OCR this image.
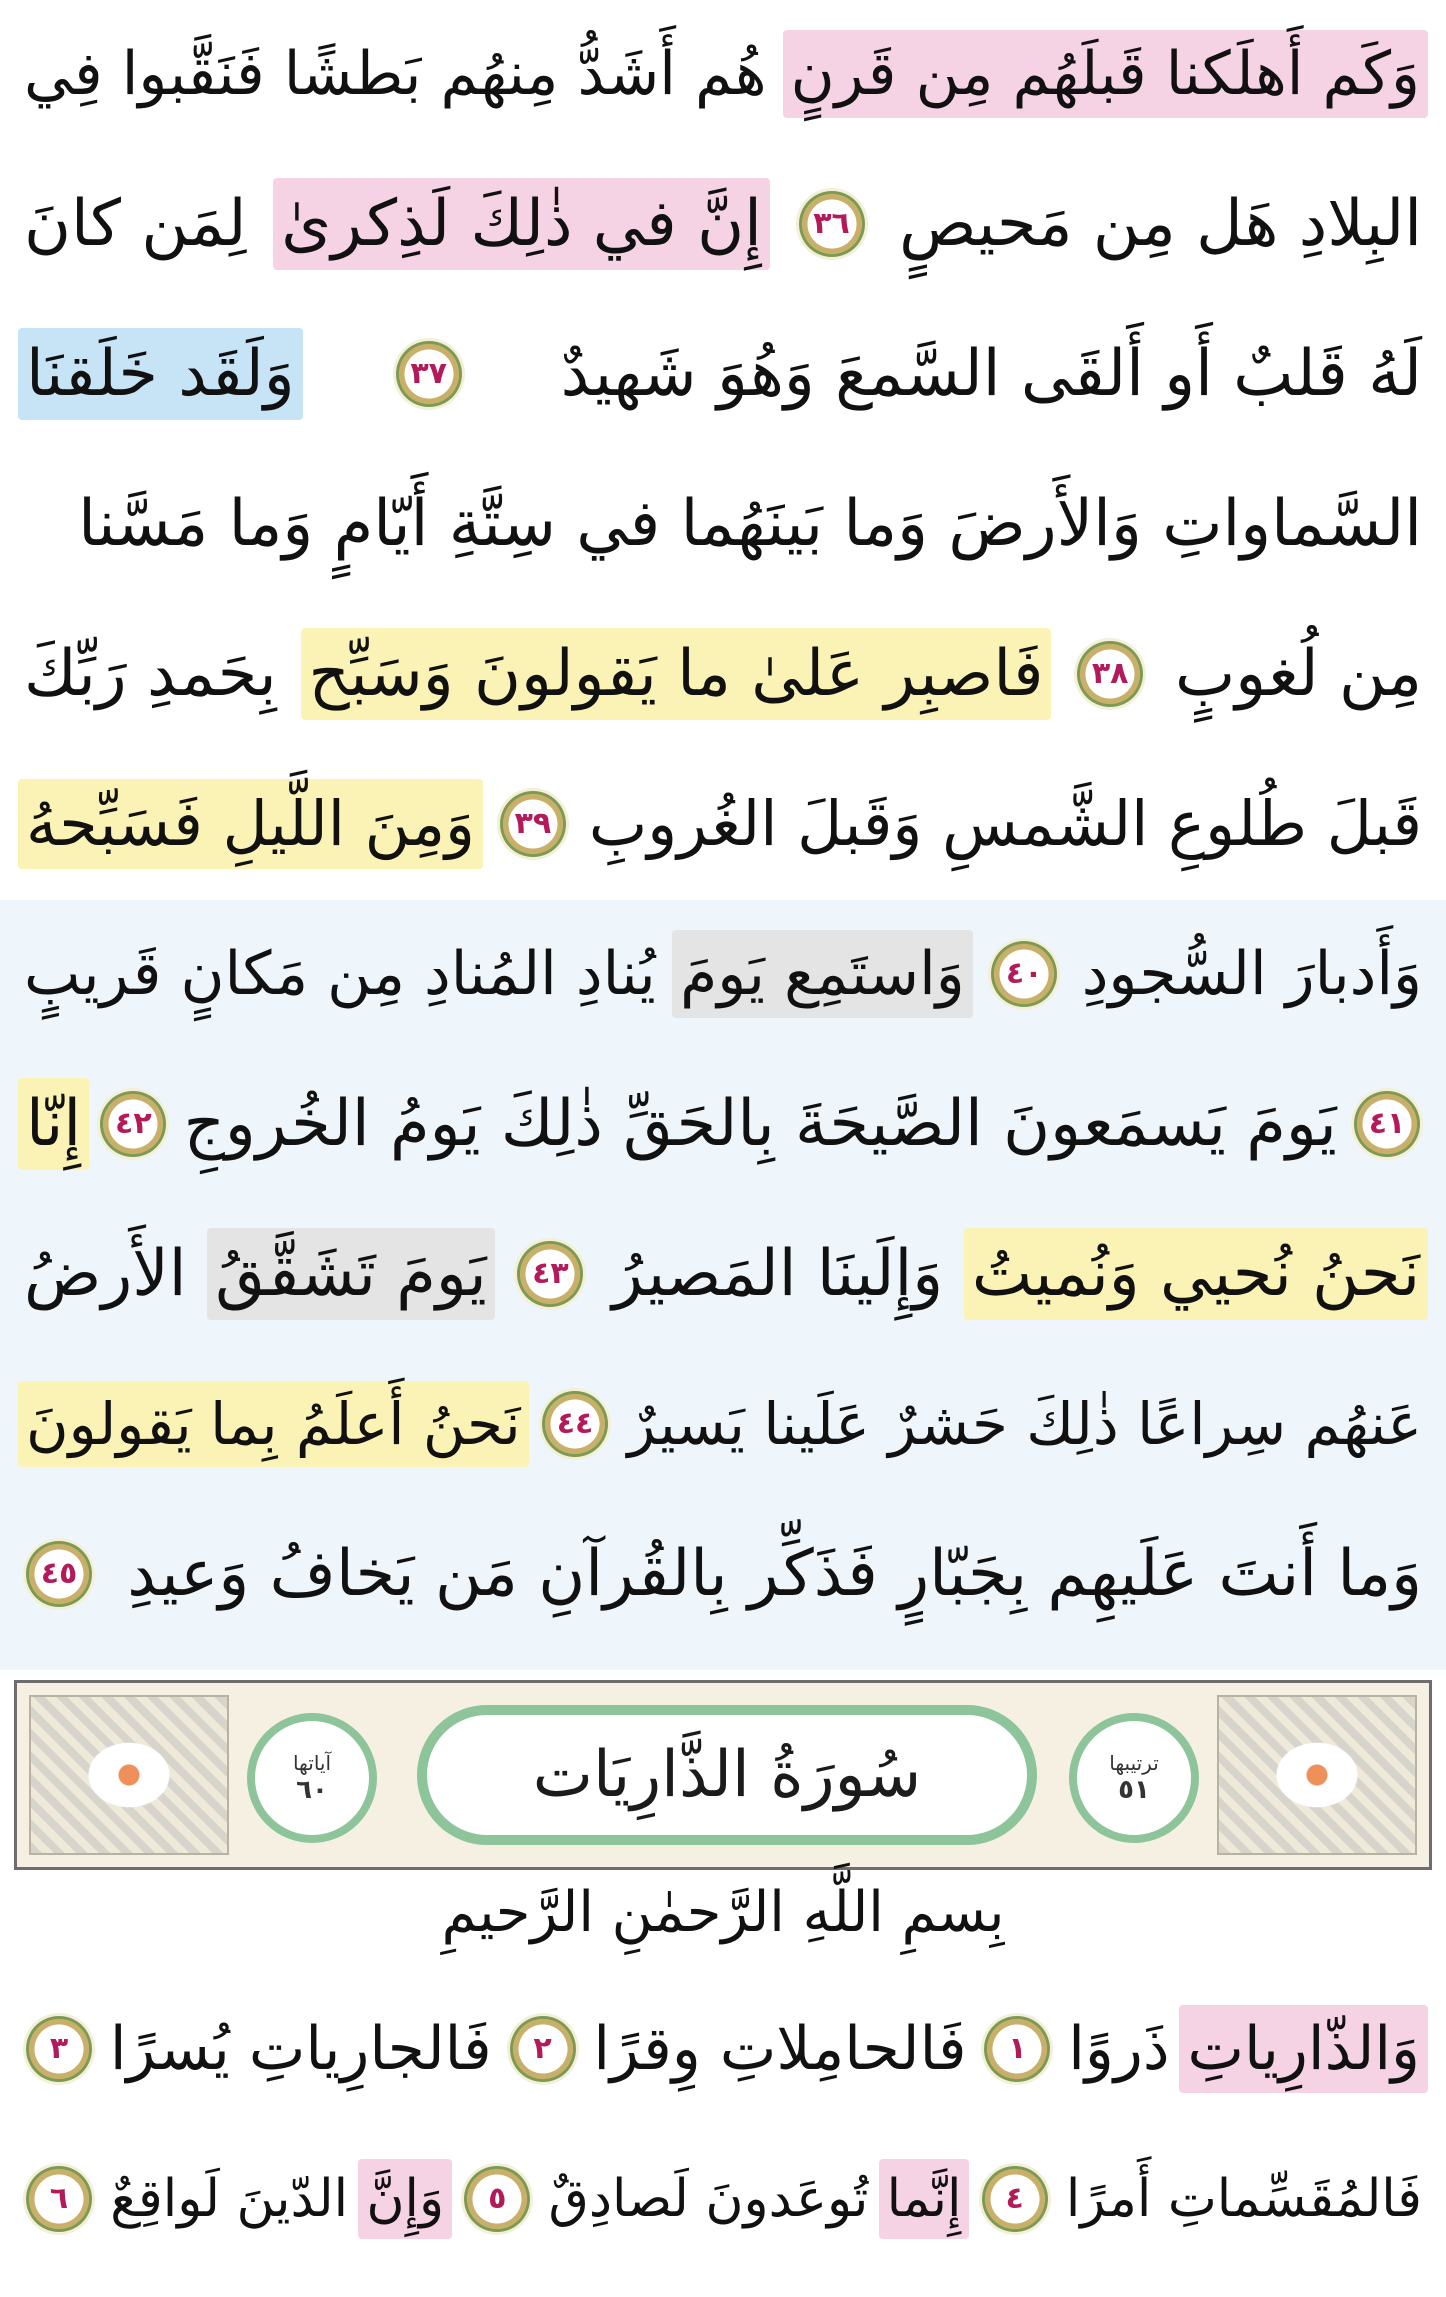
وَكَم أَهلَكنا قَبلَهُم مِن قَرنٍ
هُم أَشَدُّ مِنهُم بَطشًا فَنَقَّبوا فِي
البِلادِ هَل مِن مَحيصٍ
٣٦
إِنَّ في ذٰلِكَ لَذِكرىٰ
لِمَن كانَ
لَهُ قَلبٌ أَو أَلقَى السَّمعَ وَهُوَ شَهيدٌ
٣٧
وَلَقَد خَلَقنَا
السَّماواتِ وَالأَرضَ وَما بَينَهُما في سِتَّةِ أَيّامٍ وَما مَسَّنا
مِن لُغوبٍ
٣٨
فَاصبِر عَلىٰ ما يَقولونَ وَسَبِّح
بِحَمدِ رَبِّكَ
قَبلَ طُلوعِ الشَّمسِ وَقَبلَ الغُروبِ
٣٩
وَمِنَ اللَّيلِ فَسَبِّحهُ
وَأَدبارَ السُّجودِ
٤٠
وَاستَمِع يَومَ
يُنادِ المُنادِ مِن مَكانٍ قَريبٍ
٤١
يَومَ يَسمَعونَ الصَّيحَةَ بِالحَقِّ ذٰلِكَ يَومُ الخُروجِ
٤٢
إِنّا
نَحنُ نُحيي وَنُميتُ
وَإِلَينَا المَصيرُ
٤٣
يَومَ تَشَقَّقُ
الأَرضُ
عَنهُم سِراعًا ذٰلِكَ حَشرٌ عَلَينا يَسيرٌ
٤٤
نَحنُ أَعلَمُ بِما يَقولونَ
وَما أَنتَ عَلَيهِم بِجَبّارٍ فَذَكِّر بِالقُرآنِ مَن يَخافُ وَعيدِ
٤٥
ترتيبها
٥١
سُورَةُ الذَّارِيَات
آياتها
٦٠
بِسمِ اللَّهِ الرَّحمٰنِ الرَّحيمِ
وَالذّارِياتِ
ذَروًا
١
فَالحامِلاتِ وِقرًا
٢
فَالجارِياتِ يُسرًا
٣
فَالمُقَسِّماتِ أَمرًا
٤
إِنَّما
تُوعَدونَ لَصادِقٌ
٥
وَإِنَّ
الدّينَ لَواقِعٌ
٦
